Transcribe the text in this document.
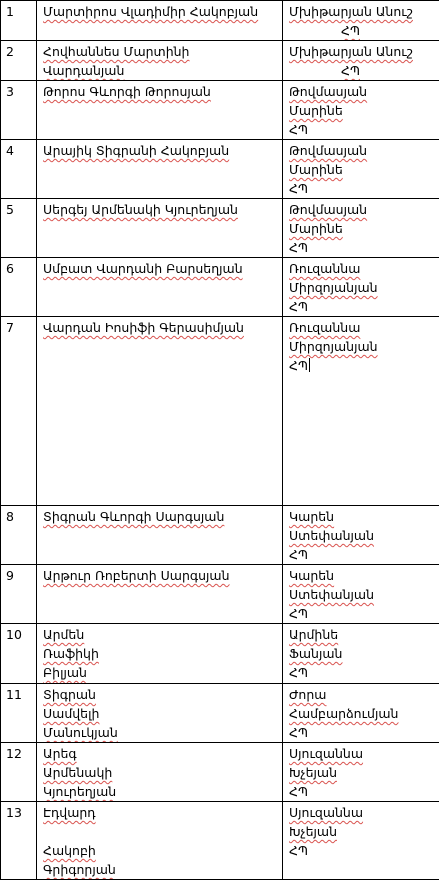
1	Մարտիրոս Վլադիմիր Հակոբյան	Մխիթարյան Անուշ
ՀՊ

2	Հովհաննես Մարտինի
Վարդանյան	Մխիթարյան Անուշ
ՀՊ

3	Թորոս Գևորգի Թորոսյան	Թովմասյան
Մարինե
ՀՊ

4	Արայիկ Տիգրանի Հակոբյան	Թովմասյան
Մարինե
ՀՊ

5	Սերգեյ Արմենակի Կյուրեղյան	Թովմասյան
Մարինե
ՀՊ

6	Սմբատ Վարդանի Բարսեղյան	Ռուզաննա
Միրզոյանյան
ՀՊ

7	Վարդան Իոսիֆի Գերասիմյան	Ռուզաննա
Միրզոյանյան
ՀՊ

8	Տիգրան Գևորգի Սարգսյան	Կարեն
Ստեփանյան
ՀՊ

9	Արթուր Ռոբերտի Սարգսյան	Կարեն
Ստեփանյան
ՀՊ

10	Արմեն
Ռաֆիկի
Բիլյան	Արմինե
Ֆանյան
ՀՊ

11	Տիգրան
Սամվելի
Մանուկյան	Ժորա
Համբարձումյան
ՀՊ

12	Արեգ
Արմենակի
Կյուրեղյան	Սյուզաննա
Խչեյան
ՀՊ

13	Էդվարդ

Հակոբի
Գրիգորյան	Սյուզաննա
Խչեյան
ՀՊ
